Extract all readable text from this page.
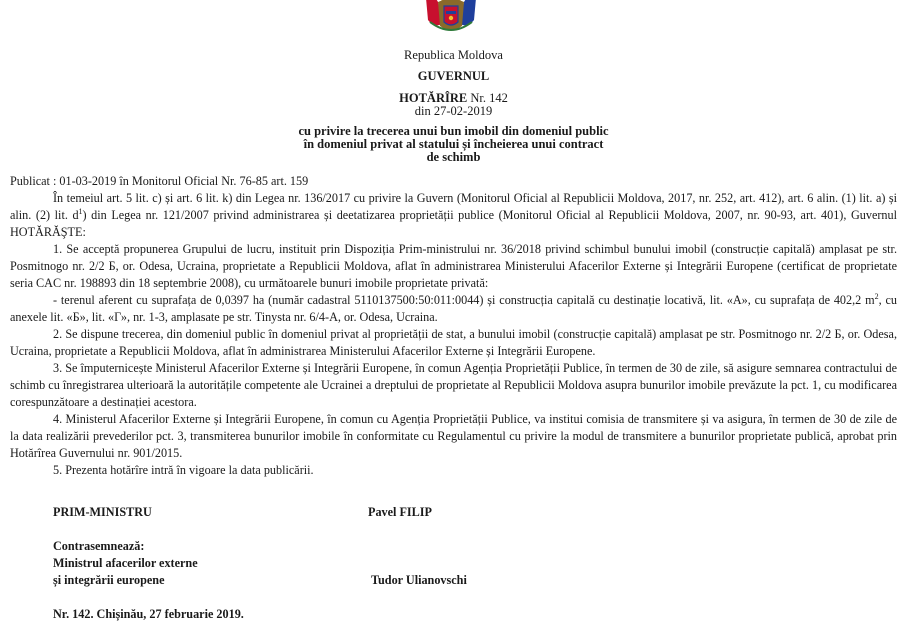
Republica Moldova
GUVERNUL
HOTĂRÎRE Nr. 142
din 27-02-2019
cu privire la trecerea unui bun imobil din domeniul public
în domeniul privat al statului și încheierea unui contract
de schimb

Publicat : 01-03-2019 în Monitorul Oficial Nr. 76-85 art. 159

În temeiul art. 5 lit. c) și art. 6 lit. k) din Legea nr. 136/2017 cu privire la Guvern (Monitorul Oficial al Republicii Moldova, 2017, nr. 252, art. 412), art. 6 alin. (1) lit. a) și alin. (2) lit. $d^1$) din Legea nr. 121/2007 privind administrarea și deetatizarea proprietății publice (Monitorul Oficial al Republicii Moldova, 2007, nr. 90-93, art. 401), Guvernul HOTĂRĂŞTE:

1. Se acceptă propunerea Grupului de lucru, instituit prin Dispoziția Prim-ministrului nr. 36/2018 privind schimbul bunului imobil (construcție capitală) amplasat pe str. Posmitnogo nr. 2/2 Б, or. Odesa, Ucraina, proprietate a Republicii Moldova, aflat în administrarea Ministerului Afacerilor Externe și Integrării Europene (certificat de proprietate seria CAC nr. 198893 din 18 septembrie 2008), cu următoarele bunuri imobile proprietate privată:

- terenul aferent cu suprafața de 0,0397 ha (număr cadastral 5110137500:50:011:0044) și construcția capitală cu destinație locativă, lit. «A», cu suprafața de 402,2 $m^2$, cu anexele lit. «Б», lit. «Г», nr. 1-3, amplasate pe str. Tinysta nr. 6/4-A, or. Odesa, Ucraina.

2. Se dispune trecerea, din domeniul public în domeniul privat al proprietății de stat, a bunului imobil (construcție capitală) amplasat pe str. Posmitnogo nr. 2/2 Б, or. Odesa, Ucraina, proprietate a Republicii Moldova, aflat în administrarea Ministerului Afacerilor Externe și Integrării Europene.

3. Se împuternicește Ministerul Afacerilor Externe și Integrării Europene, în comun Agenția Proprietății Publice, în termen de 30 de zile, să asigure semnarea contractului de schimb cu înregistrarea ulterioară la autoritățile competente ale Ucrainei a dreptului de proprietate al Republicii Moldova asupra bunurilor imobile prevăzute la pct. 1, cu modificarea corespunzătoare a destinației acestora.

4. Ministerul Afacerilor Externe și Integrării Europene, în comun cu Agenția Proprietății Publice, va institui comisia de transmitere și va asigura, în termen de 30 de zile de la data realizării prevederilor pct. 3, transmiterea bunurilor imobile în conformitate cu Regulamentul cu privire la modul de transmitere a bunurilor proprietate publică, aprobat prin Hotărîrea Guvernului nr. 901/2015.

5. Prezenta hotărîre intră în vigoare la data publicării.

PRIM-MINISTRU	Pavel FILIP
Contrasemnează:
Ministrul afacerilor externe
și integrării europene	Tudor Ulianovschi
Nr. 142. Chișinău, 27 februarie 2019.
